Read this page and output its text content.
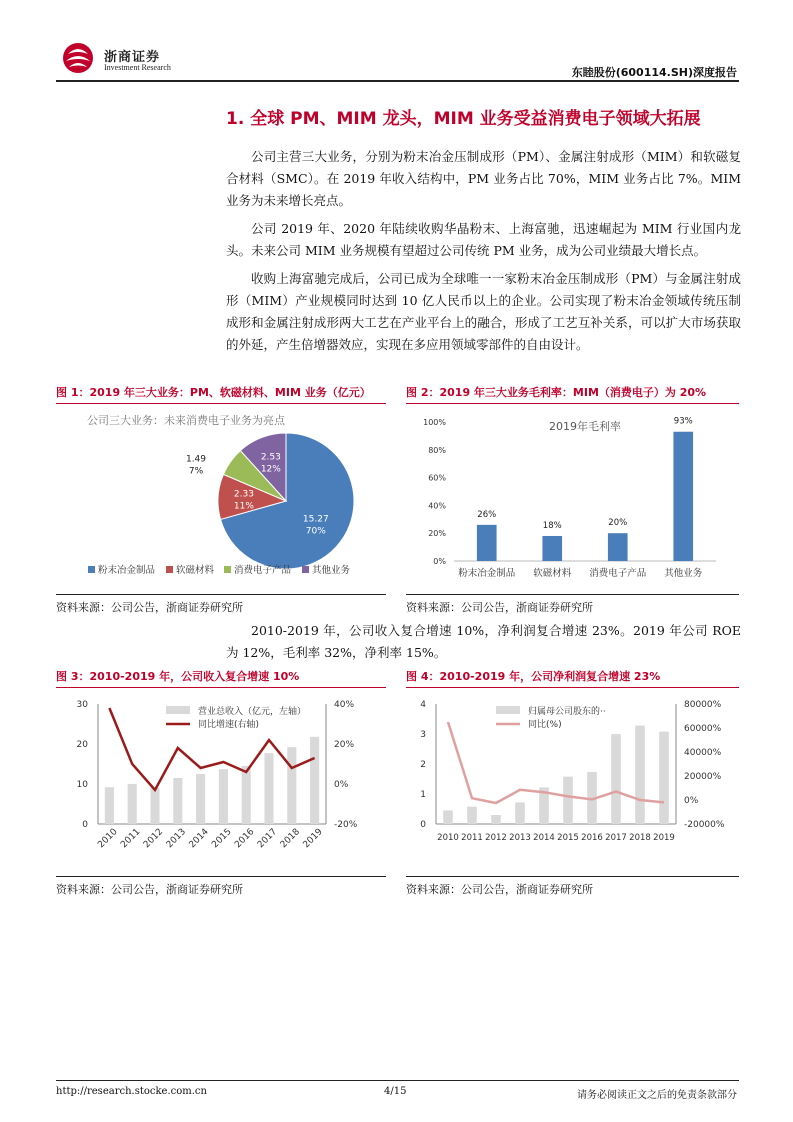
浙商证券
Investment Research	东睦股份(600114.SH)深度报告
1. 全球 PM、MIM 龙头，MIM 业务受益消费电子领域大拓展

公司主营三大业务，分别为粉末冶金压制成形（PM）、金属注射成形（MIM）和软磁复合材料（SMC）。在 2019 年收入结构中，PM 业务占比 70%，MIM 业务占比 7%。MIM 业务为未来增长亮点。

公司 2019 年、2020 年陆续收购华晶粉末、上海富驰，迅速崛起为 MIM 行业国内龙头。未来公司 MIM 业务规模有望超过公司传统 PM 业务，成为公司业绩最大增长点。

收购上海富驰完成后，公司已成为全球唯一一家粉末冶金压制成形（PM）与金属注射成形（MIM）产业规模同时达到 10 亿人民币以上的企业。公司实现了粉末冶金领域传统压制成形和金属注射成形两大工艺在产业平台上的融合，形成了工艺互补关系，可以扩大市场获取的外延，产生倍增器效应，实现在多应用领域零部件的自由设计。

图 1：2019 年三大业务：PM、软磁材料、MIM 业务（亿元）
公司三大业务：未来消费电子业务为亮点
15.27
70%
2.33
11%
1.49
7%
2.53
12%
粉末冶金制品 软磁材料 消费电子产品 其他业务
资料来源：公司公告，浙商证券研究所
图 2：2019 年三大业务毛利率：MIM（消费电子）为 20%
2019年毛利率
0%
20%
40%
60%
80%
100%
26%
粉末冶金制品
18%
软磁材料
20%
消费电子产品
93%
其他业务
资料来源：公司公告，浙商证券研究所

2010-2019 年，公司收入复合增速 10%，净利润复合增速 23%。2019 年公司 ROE 为 12%，毛利率 32%，净利率 15%。

图 3：2010-2019 年，公司收入复合增速 10%
0
10
20
30
-20%
0%
20%
40%
2010 2011 2012 2013 2014 2015 2016 2017 2018 2019
营业总收入（亿元，左轴）
同比增速(右轴)
资料来源：公司公告，浙商证券研究所
图 4：2010-2019 年，公司净利润复合增速 23%
0
1
2
3
4
-20000%
0%
20000%
40000%
60000%
80000%
2010 2011 2012 2013 2014 2015 2016 2017 2018 2019
归属母公司股东的··
同比(%)
资料来源：公司公告，浙商证券研究所
http://research.stocke.com.cn	4/15	请务必阅读正文之后的免责条款部分
